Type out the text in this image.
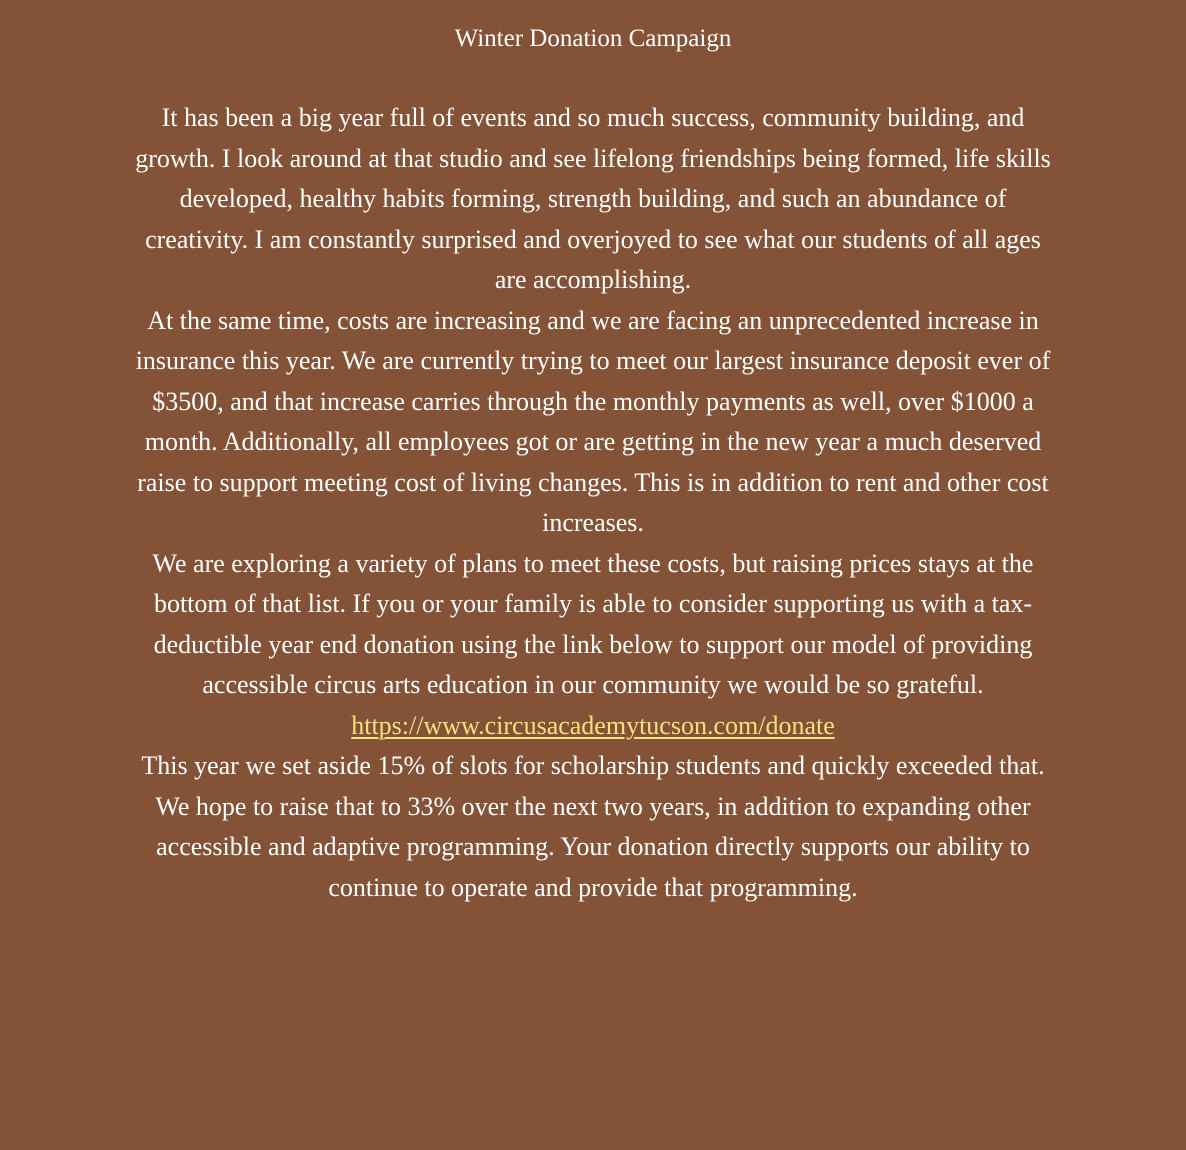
Winter Donation Campaign

It has been a big year full of events and so much success, community building, and growth. I look around at that studio and see lifelong friendships being formed, life skills developed, healthy habits forming, strength building, and such an abundance of creativity. I am constantly surprised and overjoyed to see what our students of all ages are accomplishing.

At the same time, costs are increasing and we are facing an unprecedented increase in insurance this year. We are currently trying to meet our largest insurance deposit ever of $3500, and that increase carries through the monthly payments as well, over $1000 a month. Additionally, all employees got or are getting in the new year a much deserved raise to support meeting cost of living changes. This is in addition to rent and other cost increases.

We are exploring a variety of plans to meet these costs, but raising prices stays at the bottom of that list. If you or your family is able to consider supporting us with a tax-deductible year end donation using the link below to support our model of providing accessible circus arts education in our community we would be so grateful.

https://www.circusacademytucson.com/donate

This year we set aside 15% of slots for scholarship students and quickly exceeded that. We hope to raise that to 33% over the next two years, in addition to expanding other accessible and adaptive programming. Your donation directly supports our ability to continue to operate and provide that programming.
